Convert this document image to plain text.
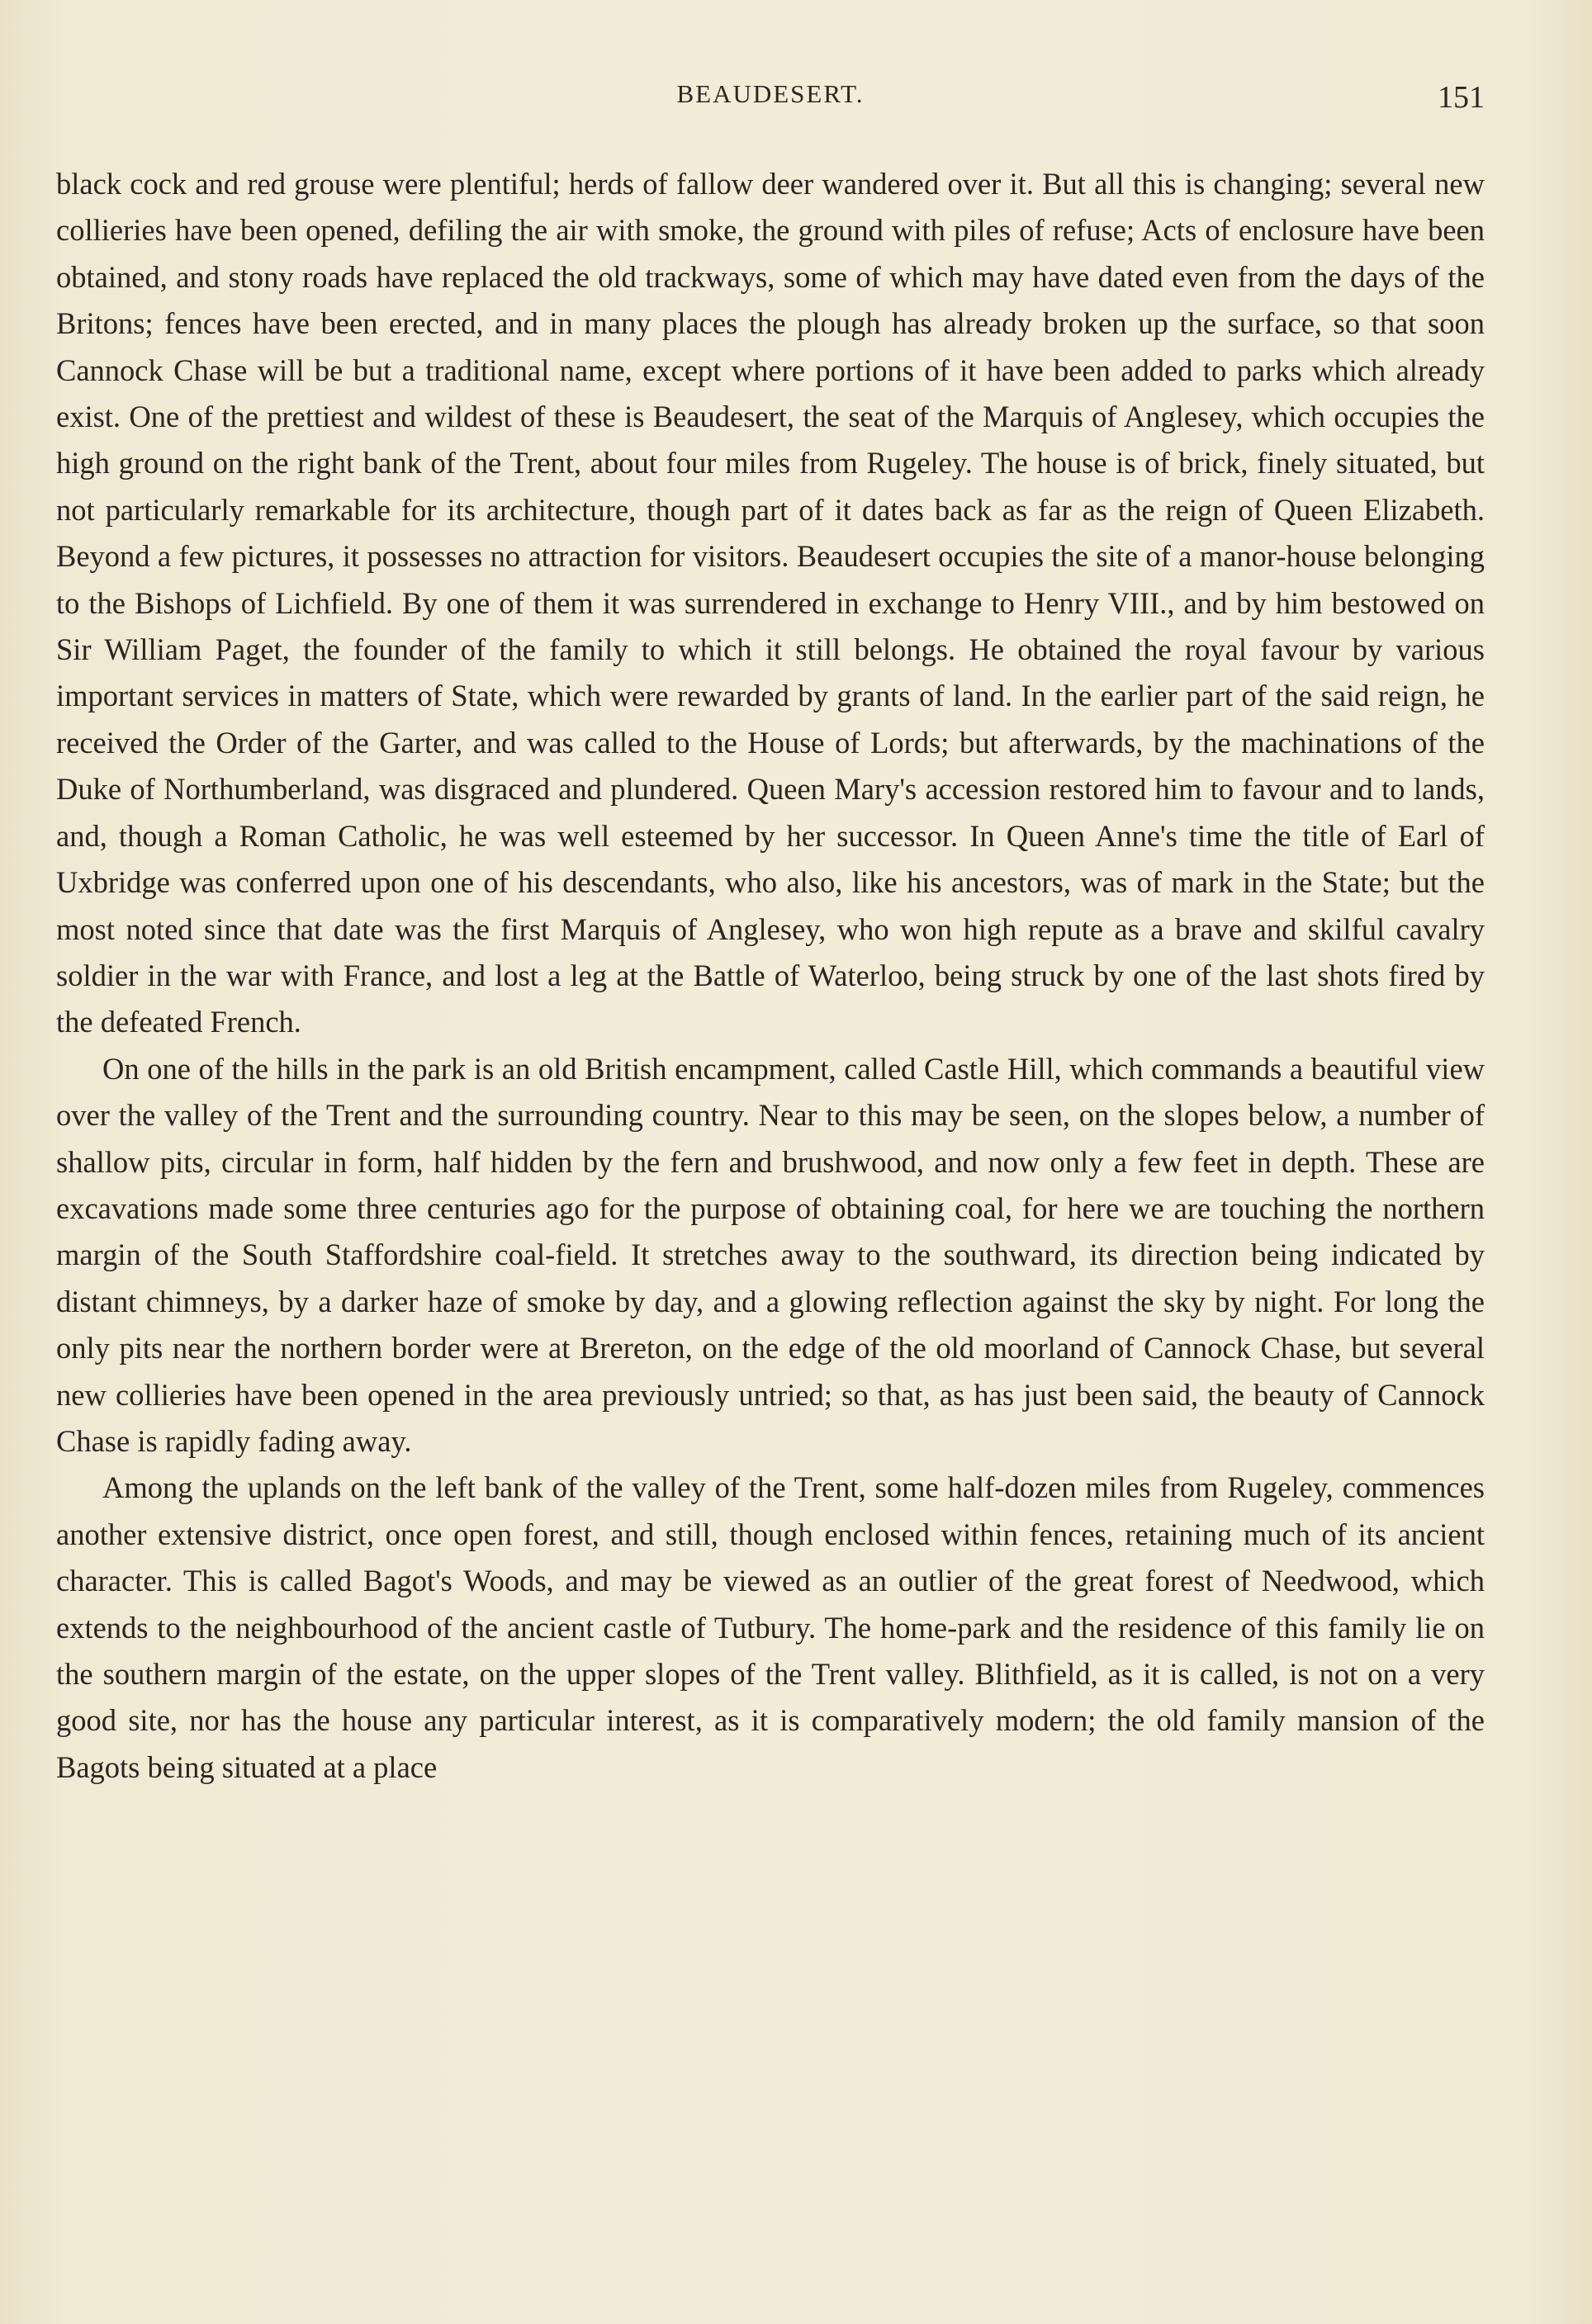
BEAUDESERT.	151

black cock and red grouse were plentiful; herds of fallow deer wandered over it. But all this is changing; several new collieries have been opened, defiling the air with smoke, the ground with piles of refuse; Acts of enclosure have been obtained, and stony roads have replaced the old trackways, some of which may have dated even from the days of the Britons; fences have been erected, and in many places the plough has already broken up the surface, so that soon Cannock Chase will be but a traditional name, except where portions of it have been added to parks which already exist. One of the prettiest and wildest of these is Beaudesert, the seat of the Marquis of Anglesey, which occupies the high ground on the right bank of the Trent, about four miles from Rugeley. The house is of brick, finely situated, but not particularly remarkable for its architecture, though part of it dates back as far as the reign of Queen Elizabeth. Beyond a few pictures, it possesses no attraction for visitors. Beaudesert occupies the site of a manor-house belonging to the Bishops of Lichfield. By one of them it was surrendered in exchange to Henry VIII., and by him bestowed on Sir William Paget, the founder of the family to which it still belongs. He obtained the royal favour by various important services in matters of State, which were rewarded by grants of land. In the earlier part of the said reign, he received the Order of the Garter, and was called to the House of Lords; but afterwards, by the machinations of the Duke of Northumberland, was disgraced and plundered. Queen Mary's accession restored him to favour and to lands, and, though a Roman Catholic, he was well esteemed by her successor. In Queen Anne's time the title of Earl of Uxbridge was conferred upon one of his descendants, who also, like his ancestors, was of mark in the State; but the most noted since that date was the first Marquis of Anglesey, who won high repute as a brave and skilful cavalry soldier in the war with France, and lost a leg at the Battle of Waterloo, being struck by one of the last shots fired by the defeated French.

On one of the hills in the park is an old British encampment, called Castle Hill, which commands a beautiful view over the valley of the Trent and the surrounding country. Near to this may be seen, on the slopes below, a number of shallow pits, circular in form, half hidden by the fern and brushwood, and now only a few feet in depth. These are excavations made some three centuries ago for the purpose of obtaining coal, for here we are touching the northern margin of the South Staffordshire coal-field. It stretches away to the southward, its direction being indicated by distant chimneys, by a darker haze of smoke by day, and a glowing reflection against the sky by night. For long the only pits near the northern border were at Brereton, on the edge of the old moorland of Cannock Chase, but several new collieries have been opened in the area previously untried; so that, as has just been said, the beauty of Cannock Chase is rapidly fading away.

Among the uplands on the left bank of the valley of the Trent, some half-dozen miles from Rugeley, commences another extensive district, once open forest, and still, though enclosed within fences, retaining much of its ancient character. This is called Bagot's Woods, and may be viewed as an outlier of the great forest of Needwood, which extends to the neighbourhood of the ancient castle of Tutbury. The home-park and the residence of this family lie on the southern margin of the estate, on the upper slopes of the Trent valley. Blithfield, as it is called, is not on a very good site, nor has the house any particular interest, as it is comparatively modern; the old family mansion of the Bagots being situated at a place
